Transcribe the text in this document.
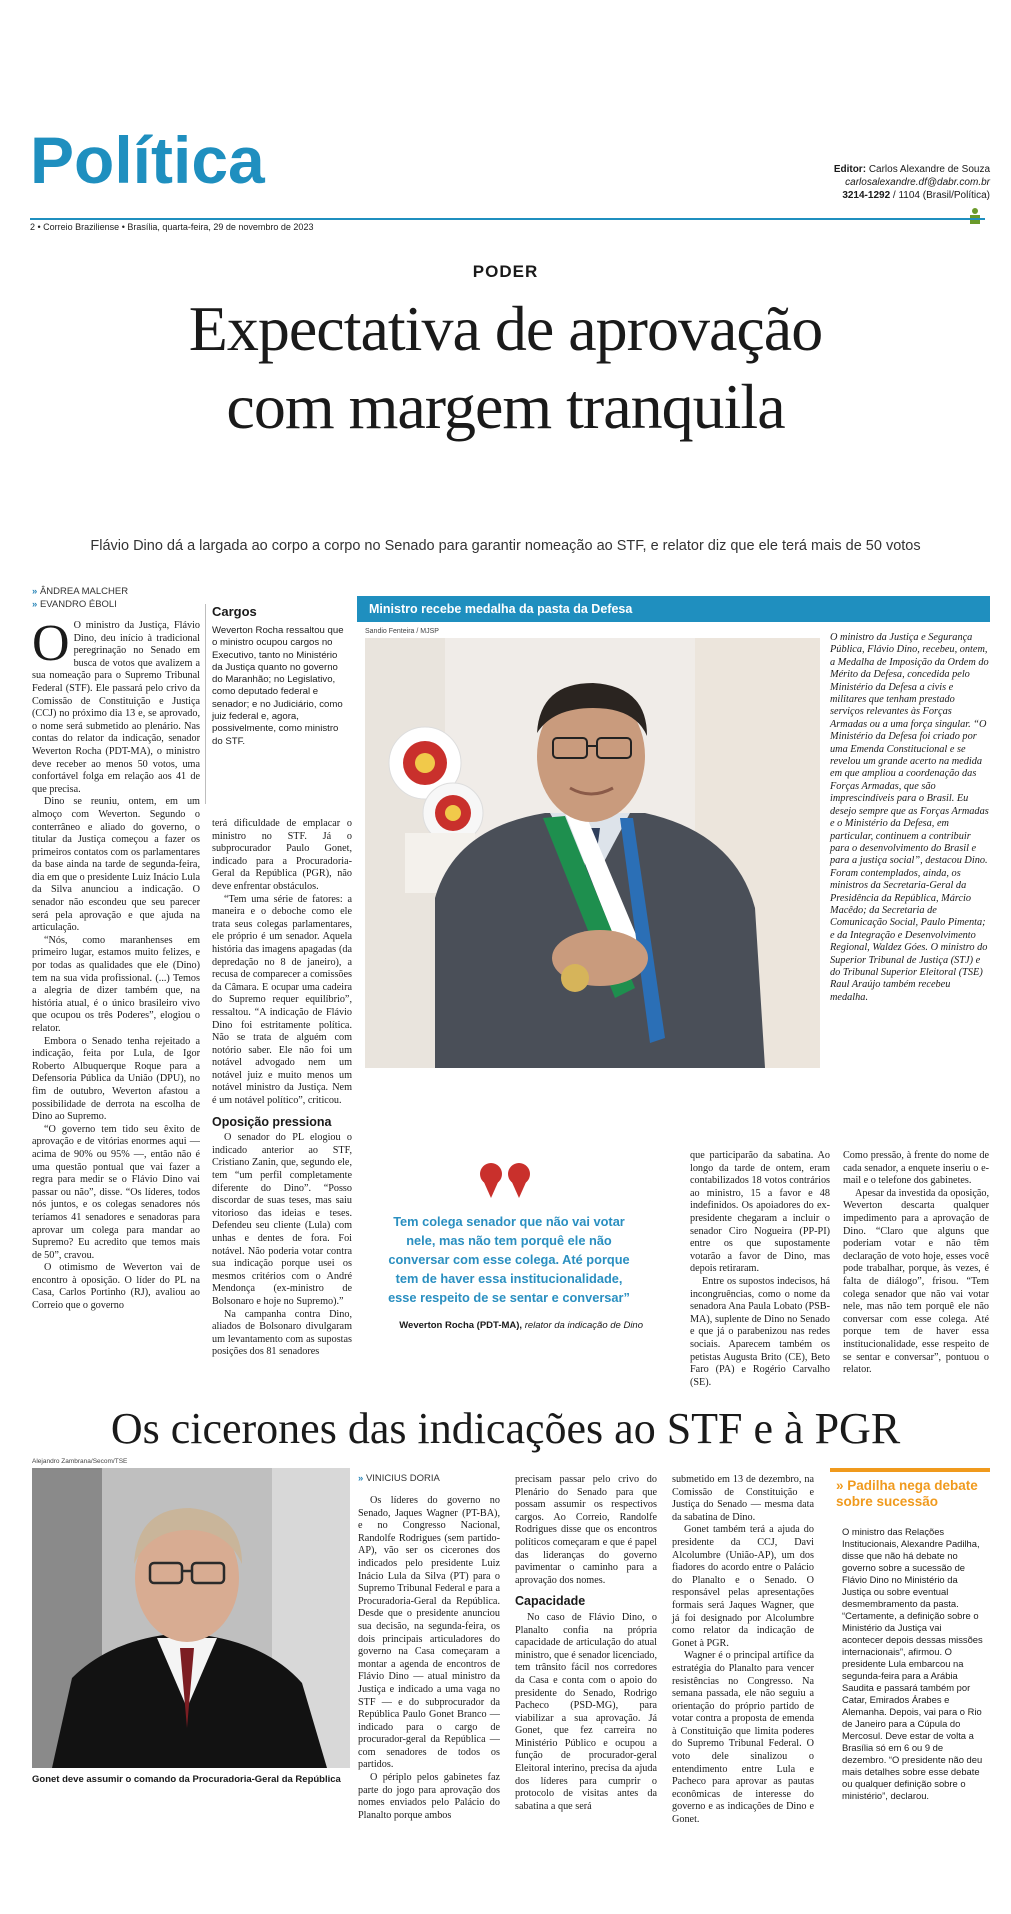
Política	Editor: Carlos Alexandre de Souza
carlosalexandre.df@dabr.com.br
3214-1292 / 1104 (Brasil/Política)
2 • Correio Braziliense • Brasília, quarta-feira, 29 de novembro de 2023
PODER
Expectativa de aprovação
com margem tranquila
Flávio Dino dá a largada ao corpo a corpo no Senado para garantir nomeação ao STF, e relator diz que ele terá mais de 50 votos
» ÂNDREA MALCHER
» EVANDRO ÉBOLI

O O ministro da Justiça, Flávio Dino, deu início à tradicional peregrinação no Senado em busca de votos que avalizem a sua nomeação para o Supremo Tribunal Federal (STF). Ele passará pelo crivo da Comissão de Constituição e Justiça (CCJ) no próximo dia 13 e, se aprovado, o nome será submetido ao plenário. Nas contas do relator da indicação, senador Weverton Rocha (PDT-MA), o ministro deve receber ao menos 50 votos, uma confortável folga em relação aos 41 de que precisa.

Dino se reuniu, ontem, em um almoço com Weverton. Segundo o conterrâneo e aliado do governo, o titular da Justiça começou a fazer os primeiros contatos com os parlamentares da base ainda na tarde de segunda-feira, dia em que o presidente Luiz Inácio Lula da Silva anunciou a indicação. O senador não escondeu que seu parecer será pela aprovação e que ajuda na articulação.

“Nós, como maranhenses em primeiro lugar, estamos muito felizes, e por todas as qualidades que ele (Dino) tem na sua vida profissional. (...) Temos a alegria de dizer também que, na história atual, é o único brasileiro vivo que ocupou os três Poderes”, elogiou o relator.

Embora o Senado tenha rejeitado a indicação, feita por Lula, de Igor Roberto Albuquerque Roque para a Defensoria Pública da União (DPU), no fim de outubro, Weverton afastou a possibilidade de derrota na escolha de Dino ao Supremo.

“O governo tem tido seu êxito de aprovação e de vitórias enormes aqui — acima de 90% ou 95% —, então não é uma questão pontual que vai fazer a regra para medir se o Flávio Dino vai passar ou não”, disse. “Os líderes, todos nós juntos, e os colegas senadores nós teríamos 41 senadores e senadoras para aprovar um colega para mandar ao Supremo? Eu acredito que temos mais de 50”, cravou.

O otimismo de Weverton vai de encontro à oposição. O líder do PL na Casa, Carlos Portinho (RJ), avaliou ao Correio que o governo

Cargos
Weverton Rocha ressaltou que o ministro ocupou cargos no Executivo, tanto no Ministério da Justiça quanto no governo do Maranhão; no Legislativo, como deputado federal e senador; e no Judiciário, como juiz federal e, agora, possivelmente, como ministro do STF.

terá dificuldade de emplacar o ministro no STF. Já o subprocurador Paulo Gonet, indicado para a Procuradoria-Geral da República (PGR), não deve enfrentar obstáculos.

“Tem uma série de fatores: a maneira e o deboche como ele trata seus colegas parlamentares, ele próprio é um senador. Aquela história das imagens apagadas (da depredação no 8 de janeiro), a recusa de comparecer a comissões da Câmara. E ocupar uma cadeira do Supremo requer equilíbrio”, ressaltou. “A indicação de Flávio Dino foi estritamente política. Não se trata de alguém com notório saber. Ele não foi um notável advogado nem um notável juiz e muito menos um notável ministro da Justiça. Nem é um notável político”, criticou.

Oposição pressiona

O senador do PL elogiou o indicado anterior ao STF, Cristiano Zanin, que, segundo ele, tem “um perfil completamente diferente do Dino”. “Posso discordar de suas teses, mas saiu vitorioso das ideias e teses. Defendeu seu cliente (Lula) com unhas e dentes de fora. Foi notável. Não poderia votar contra sua indicação porque usei os mesmos critérios com o André Mendonça (ex-ministro de Bolsonaro e hoje no Supremo).”

Na campanha contra Dino, aliados de Bolsonaro divulgaram um levantamento com as supostas posições dos 81 senadores

Ministro recebe medalha da pasta da Defesa
Sandio Fenteira / MJSP
O ministro da Justiça e Segurança Pública, Flávio Dino, recebeu, ontem, a Medalha de Imposição da Ordem do Mérito da Defesa, concedida pelo Ministério da Defesa a civis e militares que tenham prestado serviços relevantes às Forças Armadas ou a uma força singular. “O Ministério da Defesa foi criado por uma Emenda Constitucional e se revelou um grande acerto na medida em que ampliou a coordenação das Forças Armadas, que são imprescindíveis para o Brasil. Eu desejo sempre que as Forças Armadas e o Ministério da Defesa, em particular, continuem a contribuir para o desenvolvimento do Brasil e para a justiça social”, destacou Dino. Foram contemplados, ainda, os ministros da Secretaria-Geral da Presidência da República, Márcio Macêdo; da Secretaria de Comunicação Social, Paulo Pimenta; e da Integração e Desenvolvimento Regional, Waldez Góes. O ministro do Superior Tribunal de Justiça (STJ) e do Tribunal Superior Eleitoral (TSE) Raul Araújo também recebeu medalha.
Tem colega senador que não vai votar nele, mas não tem porquê ele não conversar com esse colega. Até porque tem de haver essa institucionalidade, esse respeito de se sentar e conversar”
Weverton Rocha (PDT-MA), relator da indicação de Dino

que participarão da sabatina. Ao longo da tarde de ontem, eram contabilizados 18 votos contrários ao ministro, 15 a favor e 48 indefinidos. Os apoiadores do ex-presidente chegaram a incluir o senador Ciro Nogueira (PP-PI) entre os que supostamente votarão a favor de Dino, mas depois retiraram.

Entre os supostos indecisos, há incongruências, como o nome da senadora Ana Paula Lobato (PSB-MA), suplente de Dino no Senado e que já o parabenizou nas redes sociais. Aparecem também os petistas Augusta Brito (CE), Beto Faro (PA) e Rogério Carvalho (SE).

Como pressão, à frente do nome de cada senador, a enquete inseriu o e-mail e o telefone dos gabinetes.

Apesar da investida da oposição, Weverton descarta qualquer impedimento para a aprovação de Dino. “Claro que alguns que poderiam votar e não têm declaração de voto hoje, esses você pode trabalhar, porque, às vezes, é falta de diálogo”, frisou. “Tem colega senador que não vai votar nele, mas não tem porquê ele não conversar com esse colega. Até porque tem de haver essa institucionalidade, esse respeito de se sentar e conversar”, pontuou o relator.

Os cicerones das indicações ao STF e à PGR
Alejandro Zambrana/Secom/TSE
Gonet deve assumir o comando da Procuradoria-Geral da República
» VINICIUS DORIA

Os líderes do governo no Senado, Jaques Wagner (PT-BA), e no Congresso Nacional, Randolfe Rodrigues (sem partido-AP), vão ser os cicerones dos indicados pelo presidente Luiz Inácio Lula da Silva (PT) para o Supremo Tribunal Federal e para a Procuradoria-Geral da República. Desde que o presidente anunciou sua decisão, na segunda-feira, os dois principais articuladores do governo na Casa começaram a montar a agenda de encontros de Flávio Dino — atual ministro da Justiça e indicado a uma vaga no STF — e do subprocurador da República Paulo Gonet Branco — indicado para o cargo de procurador-geral da República — com senadores de todos os partidos.

O périplo pelos gabinetes faz parte do jogo para aprovação dos nomes enviados pelo Palácio do Planalto porque ambos

precisam passar pelo crivo do Plenário do Senado para que possam assumir os respectivos cargos. Ao Correio, Randolfe Rodrigues disse que os encontros políticos começaram e que é papel das lideranças do governo pavimentar o caminho para a aprovação dos nomes.

Capacidade

No caso de Flávio Dino, o Planalto confia na própria capacidade de articulação do atual ministro, que é senador licenciado, tem trânsito fácil nos corredores da Casa e conta com o apoio do presidente do Senado, Rodrigo Pacheco (PSD-MG), para viabilizar a sua aprovação. Já Gonet, que fez carreira no Ministério Público e ocupou a função de procurador-geral Eleitoral interino, precisa da ajuda dos líderes para cumprir o protocolo de visitas antes da sabatina a que será

submetido em 13 de dezembro, na Comissão de Constituição e Justiça do Senado — mesma data da sabatina de Dino.

Gonet também terá a ajuda do presidente da CCJ, Davi Alcolumbre (União-AP), um dos fiadores do acordo entre o Palácio do Planalto e o Senado. O responsável pelas apresentações formais será Jaques Wagner, que já foi designado por Alcolumbre como relator da indicação de Gonet à PGR.

Wagner é o principal artífice da estratégia do Planalto para vencer resistências no Congresso. Na semana passada, ele não seguiu a orientação do próprio partido de votar contra a proposta de emenda à Constituição que limita poderes do Supremo Tribunal Federal. O voto dele sinalizou o entendimento entre Lula e Pacheco para aprovar as pautas econômicas de interesse do governo e as indicações de Dino e Gonet.

» Padilha nega debate sobre sucessão
O ministro das Relações Institucionais, Alexandre Padilha, disse que não há debate no governo sobre a sucessão de Flávio Dino no Ministério da Justiça ou sobre eventual desmembramento da pasta. “Certamente, a definição sobre o Ministério da Justiça vai acontecer depois dessas missões internacionais”, afirmou. O presidente Lula embarcou na segunda-feira para a Arábia Saudita e passará também por Catar, Emirados Árabes e Alemanha. Depois, vai para o Rio de Janeiro para a Cúpula do Mercosul. Deve estar de volta a Brasília só em 6 ou 9 de dezembro. “O presidente não deu mais detalhes sobre esse debate ou qualquer definição sobre o ministério”, declarou.
